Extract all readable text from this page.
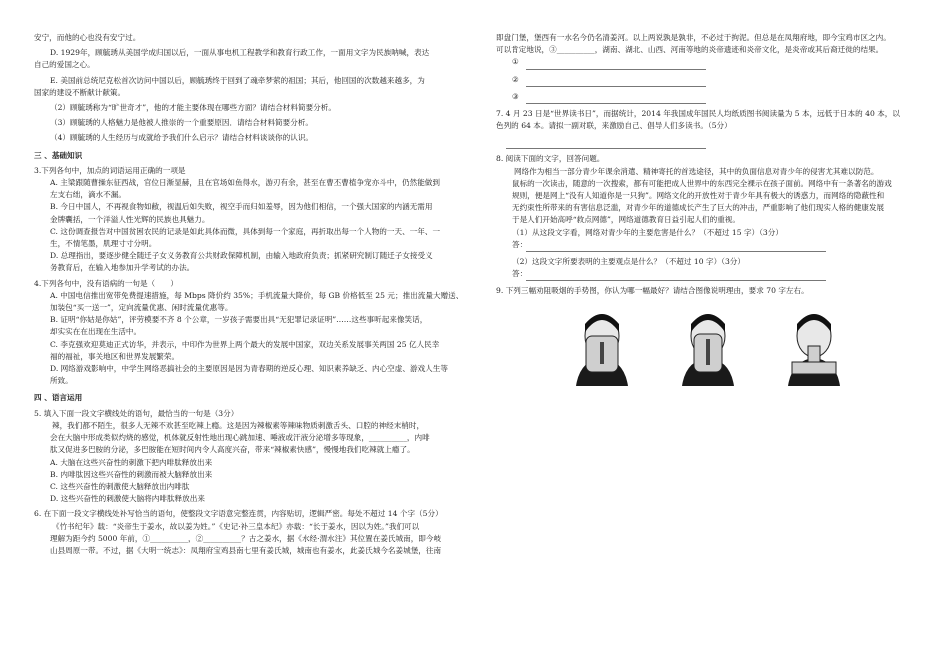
安宁，而他的心也没有安宁过。

D. 1929年，顾毓琇从美国学成归国以后，一面从事电机工程教学和教育行政工作，一面用文字为民族呐喊，表达

自己的爱国之心。

E. 美国前总统尼克松首次访问中国以后，顾毓琇终于回到了魂牵梦萦的祖国；其后，他回国的次数越来越多，为

国家的建设不断献计献策。

（2）顾毓琇称为“旷世奇才”，他的才能主要体现在哪些方面？请结合材料简要分析。

（3）顾毓琇的人格魅力是他被人推崇的一个重要原因．请结合材料简要分析。

（4）顾毓琇的人生经历与成就给予我们什么启示？请结合材料谈谈你的认识。

三 、基础知识

3.下列各句中，加点的词语运用正确的一项是

A. 主梁跟随曹操东征西战，官位日渐显赫，且在官场如鱼得水，游刃有余，甚至在曹丕曹植争宠亦斗中，仍然能做到

左支右绌，滴水不漏。

B. 今日中国人，不再视食物如敝，视温后如失败，视空手而归如羞辱，因为他们相信，一个强大国家的内涵无需用

金牌囊括，一个洋溢人性光辉的民族也具魅力。

C. 这份调查报告对中国贫困农民的记录是如此具体而微，具体到每一个家庭，再折取出每一个人物的一天、一年、一

生，不情笔墨，肌理寸寸分明。

D. 总理指出，要逐步健全随迁子女义务教育公共财政保障机制，由输入地政府负责；抓紧研究制订随迁子女接受义

务教育后，在输入地参加升学考试的办法。

4.下列各句中，没有语病的一句是（　　）

A. 中国电信推出宽带免费提速措施，每 Mbps 降价约 35%；手机流量大降价，每 GB 价格低至 25 元；推出流量大赠送、

加装包“买一送一”，定向流量优惠、闲时流量优惠等。

B. 证明“你姑是你姑”，评劳模要不齐 8 个公章，一岁孩子需要出具“无犯罪记录证明”……这些事听起来像笑话，

却实实在在出现在生活中。

C. 李克强欢迎莫迪正式访华，并表示，中印作为世界上两个最大的发展中国家，双边关系发展事关两国 25 亿人民幸

福的福祉，事关地区和世界发展繁荣。

D. 网络游戏影响中，中学生网络恶搞社会的主要原因是因为青春期的逆反心理、知识素养缺乏、内心空虚、游戏人生等

所致。

四 、语言运用

5. 填入下面一段文字横线处的语句，最恰当的一句是（3分）

辣，我们都不陌生，很多人无辣不欢甚至吃辣上瘾。这是因为辣椒素等辣味物质刺激舌头、口腔的神经末梢时，

会在大脑中形成类似灼烧的感觉，机体就反射性地出现心跳加速、唾液或汗液分泌增多等现象，__________，内啡

肽又促进多巴胺的分泌，多巴胺能在短时间内令人高度兴奋，带来“辣椒素快感”，慢慢地我们吃辣就上瘾了。

A. 大脑在这些兴奋性的刺激下把内啡肽释放出来

B. 内啡肽因这些兴奋性的刺激而被大脑释放出来

C. 这些兴奋性的刺激使大脑释放出内啡肽

D. 这些兴奋性的刺激使大脑将内啡肽释放出来

6. 在下面一段文字横线处补写恰当的语句，使整段文字语意完整连贯，内容贴切，逻辑严密。每处不超过 14 个字（5分）

《竹书纪年》载：“炎帝生于姜水，故以姜为姓。”《史记·补三皇本纪》亦载：“长于姜水，因以为姓。”我们可以

理解为距今约 5000 年前，①__________，②__________？古之姜水，据《水经·渭水注》其位置在姜氏城南，即今岐

山县周原一带。不过，据《大明一统志》：凤翔府宝鸡县南七里有姜氏城，城南也有姜水，此姜氏城今名姜城堡，往南

即盘门堡，堡西有一水名今仍名清姜河。以上两说孰是孰非，不必过于拘泥。但总是在凤翔府地，即今宝鸡市区之内。

可以肯定地说，③__________，湖南、湖北、山西、河南等地的炎帝遗迹和炎帝文化，是炎帝或其后裔迁徙的结果。

①

②

③

7. 4 月 23 日是“世界读书日”，而据统计，2014 年我国成年国民人均纸质图书阅读量为 5 本，远低于日本的 40 本，以

色列的 64 本。请拟一副对联，来激励自己、倡导人们多读书。（5分）

8. 阅读下面的文字，回答问题。

网络作为相当一部分青少年课余消遣、精神寄托的首选途径，其中的负面信息对青少年的侵害尤其难以防范。

鼠标的一次读击，随意的一次搜索，都有可能把成人世界中的东西完全裸示在孩子面前。网络中有一条著名的游戏

规则，便是网上“没有人知道你是一只狗”。网络文化的开放性对于青少年具有极大的诱惑力，而网络的隐蔽性和

无约束性所带来的有害信息泛滥，对青少年的道德成长产生了巨大的冲击，严重影响了他们现实人格的健康发展

于是人们开始高呼“救点网德”，网络道德教育日益引起人们的重视。

（1）从这段文字看，网络对青少年的主要危害是什么？（不超过 15 字）（3分）

答：

（2）这段文字所要表明的主要观点是什么？（不超过 10 字）（3分）

答：

9. 下列三幅劝阻吸烟的手势图，你认为哪一幅最好？请结合图像说明理由，要求 70 字左右。
